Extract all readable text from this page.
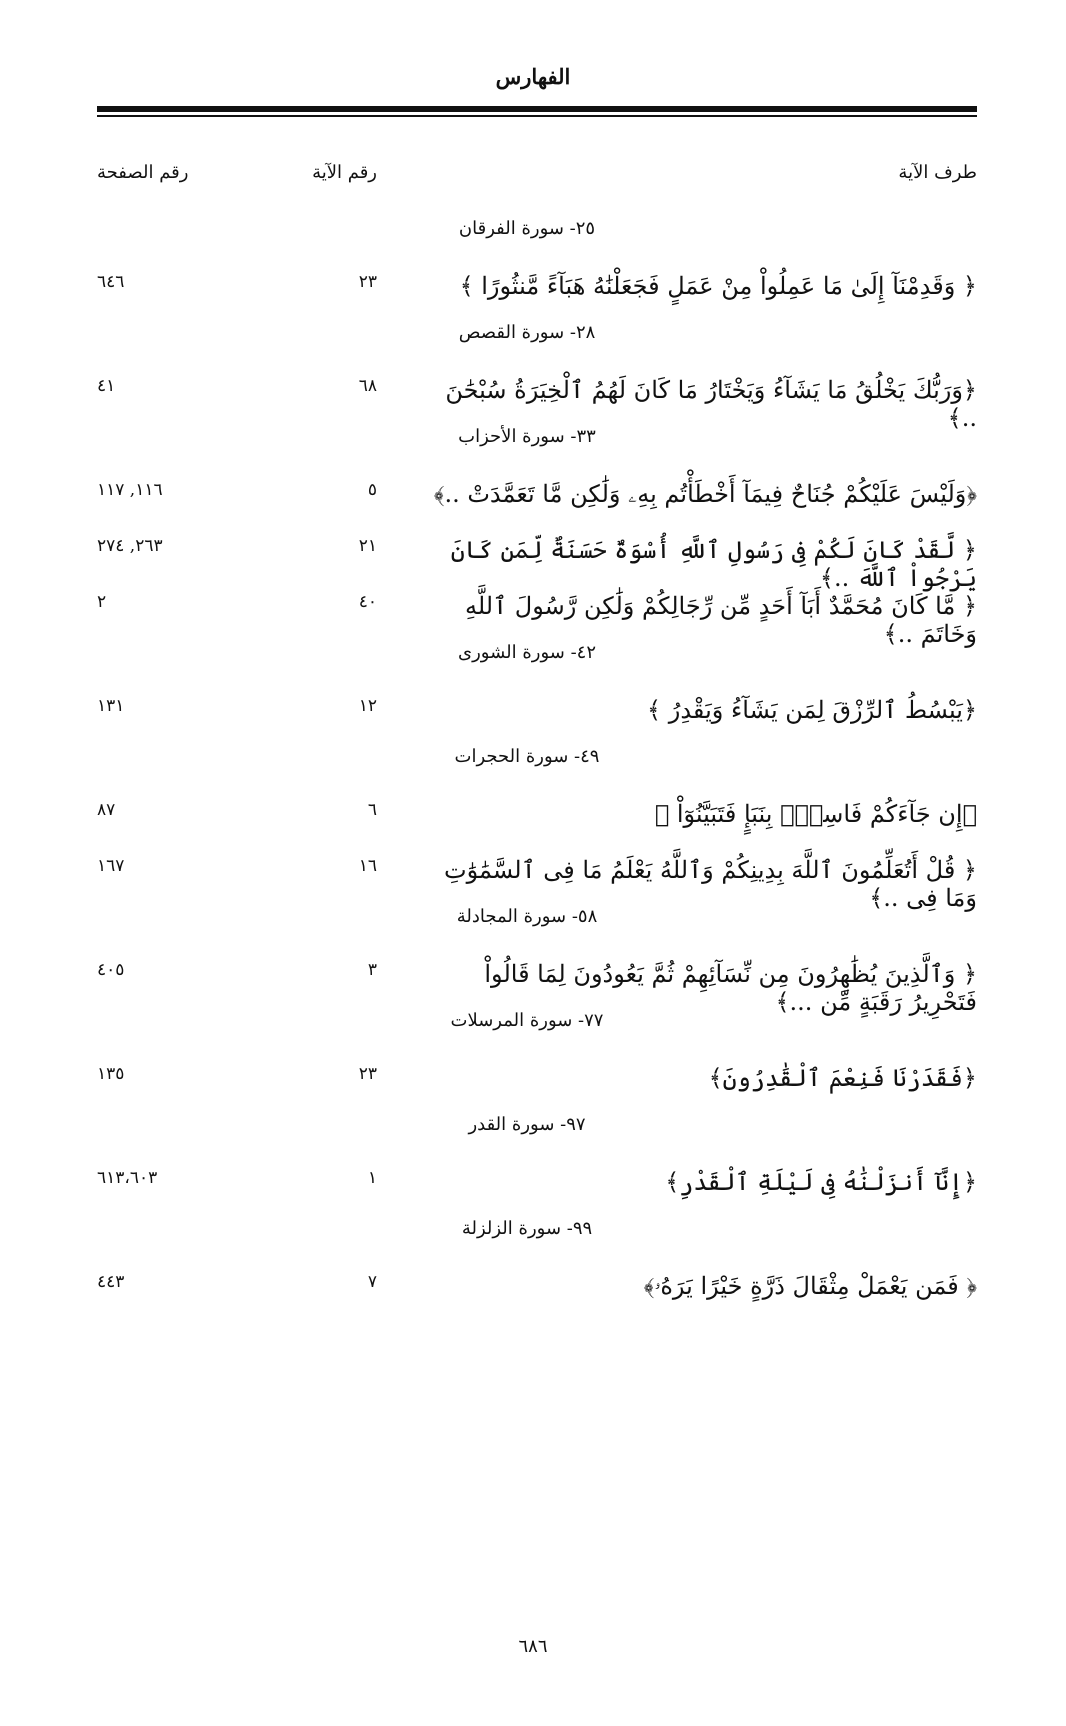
الفهارس
طرف الآية
رقم الآية
رقم الصفحة
٢٥- سورة الفرقان
﴿ وَقَدِمْنَآ إِلَىٰ مَا عَمِلُواْ مِنْ عَمَلٍ فَجَعَلْنَٰهُ هَبَآءً مَّنثُورًا ﴾
٢٣
٦٤٦
٢٨- سورة القصص
﴿وَرَبُّكَ يَخْلُقُ مَا يَشَآءُ وَيَخْتَارُ مَا كَانَ لَهُمُ ٱلْخِيَرَةُ سُبْحَٰنَ ..﴾
٦٨
٤١
٣٣- سورة الأحزاب
﴿وَلَيْسَ عَلَيْكُمْ جُنَاحٌ فِيمَآ أَخْطَأْتُم بِهِۦ وَلَٰكِن مَّا تَعَمَّدَتْ ..﴾
٥
١١٦, ١١٧
﴿ لَّقَدْ كَانَ لَكُمْ فِى رَسُولِ ٱللَّهِ أُسْوَةٌ حَسَنَةٌ لِّمَن كَانَ يَرْجُواْ ٱللَّهَ ..﴾
٢١
٢٦٣, ٢٧٤
﴿ مَّا كَانَ مُحَمَّدٌ أَبَآ أَحَدٍ مِّن رِّجَالِكُمْ وَلَٰكِن رَّسُولَ ٱللَّهِ وَخَاتَمَ ..﴾
٤٠
٢
٤٢- سورة الشورى
﴿يَبْسُطُ ٱلرِّزْقَ لِمَن يَشَآءُ وَيَقْدِرُ ﴾
١٢
١٣١
٤٩- سورة الحجرات
﴿إِن جَآءَكُمْ فَاسِقٌۢ بِنَبَإٍ فَتَبَيَّنُوٓاْ ﴾
٦
٨٧
﴿ قُلْ أَتُعَلِّمُونَ ٱللَّهَ بِدِينِكُمْ وَٱللَّهُ يَعْلَمُ مَا فِى ٱلسَّمَٰوَٰتِ وَمَا فِى ..﴾
١٦
١٦٧
٥٨- سورة المجادلة
﴿ وَٱلَّذِينَ يُظَٰهِرُونَ مِن نِّسَآئِهِمْ ثُمَّ يَعُودُونَ لِمَا قَالُواْ فَتَحْرِيرُ رَقَبَةٍ مِّن ...﴾
٣
٤٠٥
٧٧- سورة المرسلات
﴿فَقَدَرْنَا فَنِعْمَ ٱلْقَٰدِرُونَ﴾
٢٣
١٣٥
٩٧- سورة القدر
﴿إِنَّآ أَنزَلْنَٰهُ فِى لَيْلَةِ ٱلْقَدْرِ﴾
١
٦١٣،٦٠٣
٩٩- سورة الزلزلة
﴿ فَمَن يَعْمَلْ مِثْقَالَ ذَرَّةٍ خَيْرًا يَرَهُۥ﴾
٧
٤٤٣
٦٨٦
